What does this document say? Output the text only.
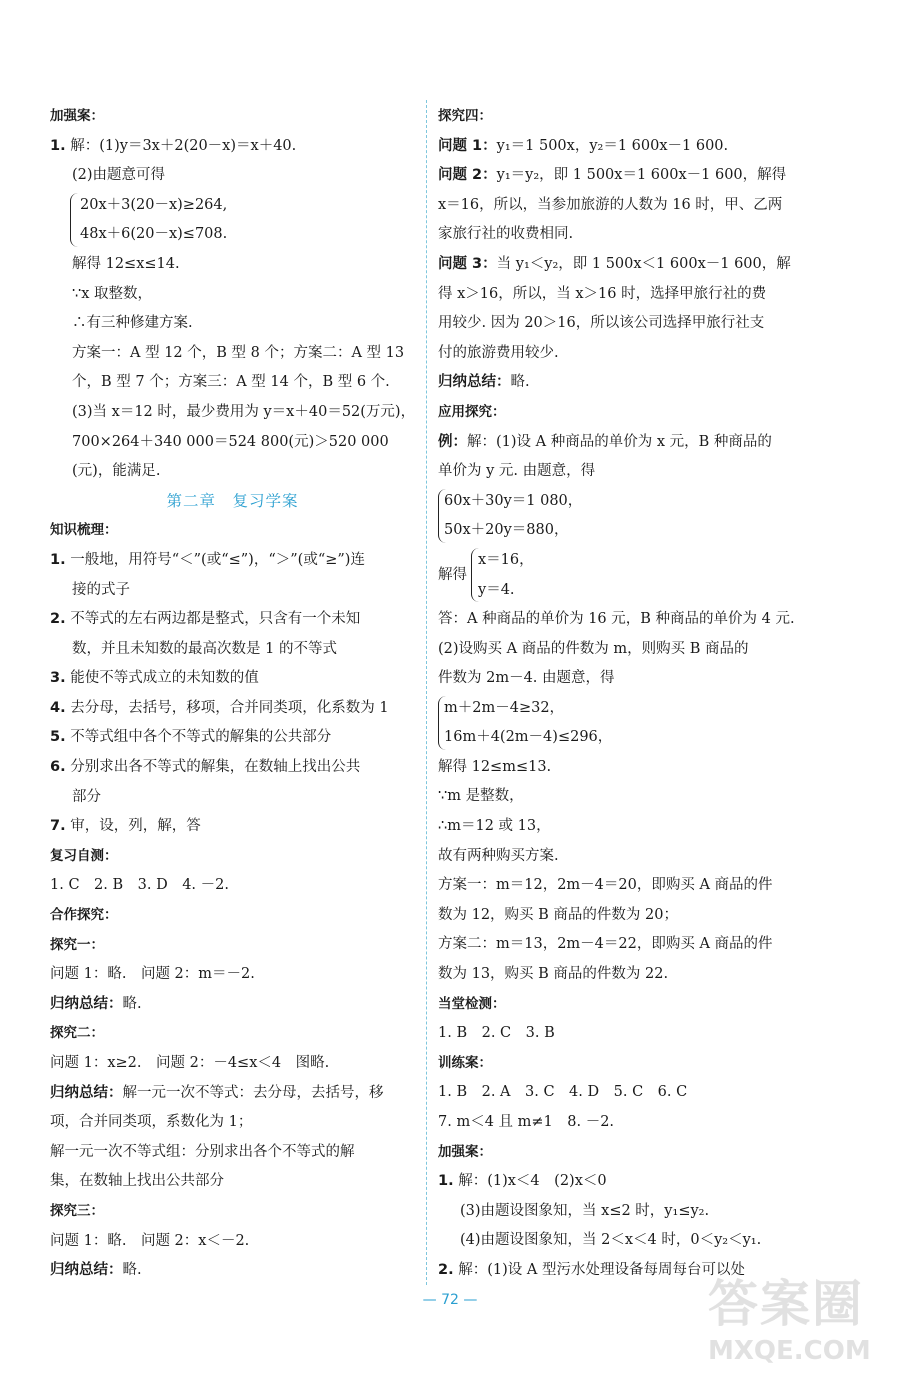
加强案：
1. 解：(1)y＝3x＋2(20－x)＝x＋40.
(2)由题意可得
20x＋3(20－x)≥264,
48x＋6(20－x)≤708.
解得 12≤x≤14.
∵x 取整数，
∴有三种修建方案.
方案一：A 型 12 个，B 型 8 个；方案二：A 型 13
个，B 型 7 个；方案三：A 型 14 个，B 型 6 个.
(3)当 x＝12 时，最少费用为 y＝x＋40＝52(万元)，
700×264＋340 000＝524 800(元)＞520 000
(元)，能满足.
第二章　复习学案
知识梳理：
1. 一般地，用符号“＜”(或“≤”)，“＞”(或“≥”)连
接的式子
2. 不等式的左右两边都是整式，只含有一个未知
数，并且未知数的最高次数是 1 的不等式
3. 能使不等式成立的未知数的值
4. 去分母，去括号，移项，合并同类项，化系数为 1
5. 不等式组中各个不等式的解集的公共部分
6. 分别求出各不等式的解集，在数轴上找出公共
部分
7. 审，设，列，解，答
复习自测：
1. C　2. B　3. D　4. －2.
合作探究：
探究一：
问题 1：略.　问题 2：m＝－2.
归纳总结：略.
探究二：
问题 1：x≥2.　问题 2：－4≤x＜4　图略.
归纳总结：解一元一次不等式：去分母，去括号，移
项，合并同类项，系数化为 1；
解一元一次不等式组：分别求出各个不等式的解
集，在数轴上找出公共部分
探究三：
问题 1：略.　问题 2：x＜－2.
归纳总结：略.
探究四：
问题 1：y₁＝1 500x，y₂＝1 600x－1 600.
问题 2：y₁＝y₂，即 1 500x＝1 600x－1 600，解得
x＝16，所以，当参加旅游的人数为 16 时，甲、乙两
家旅行社的收费相同.
问题 3：当 y₁＜y₂，即 1 500x＜1 600x－1 600，解
得 x＞16，所以，当 x＞16 时，选择甲旅行社的费
用较少. 因为 20＞16，所以该公司选择甲旅行社支
付的旅游费用较少.
归纳总结：略.
应用探究：
例：解：(1)设 A 种商品的单价为 x 元，B 种商品的
单价为 y 元. 由题意，得
60x＋30y＝1 080，
50x＋20y＝880，
解得
x＝16，
y＝4.
答：A 种商品的单价为 16 元，B 种商品的单价为 4 元.
(2)设购买 A 商品的件数为 m，则购买 B 商品的
件数为 2m－4. 由题意，得
m＋2m－4≥32，
16m＋4(2m－4)≤296，
解得 12≤m≤13.
∵m 是整数，
∴m＝12 或 13，
故有两种购买方案.
方案一：m＝12，2m－4＝20，即购买 A 商品的件
数为 12，购买 B 商品的件数为 20；
方案二：m＝13，2m－4＝22，即购买 A 商品的件
数为 13，购买 B 商品的件数为 22.
当堂检测：
1. B　2. C　3. B
训练案：
1. B　2. A　3. C　4. D　5. C　6. C
7. m＜4 且 m≠1　8. －2.
加强案：
1. 解：(1)x＜4　(2)x＜0
(3)由题设图象知，当 x≤2 时，y₁≤y₂.
(4)由题设图象知，当 2＜x＜4 时，0＜y₂＜y₁.
2. 解：(1)设 A 型污水处理设备每周每台可以处
— 72 —	答案圈
MXQE.COM
